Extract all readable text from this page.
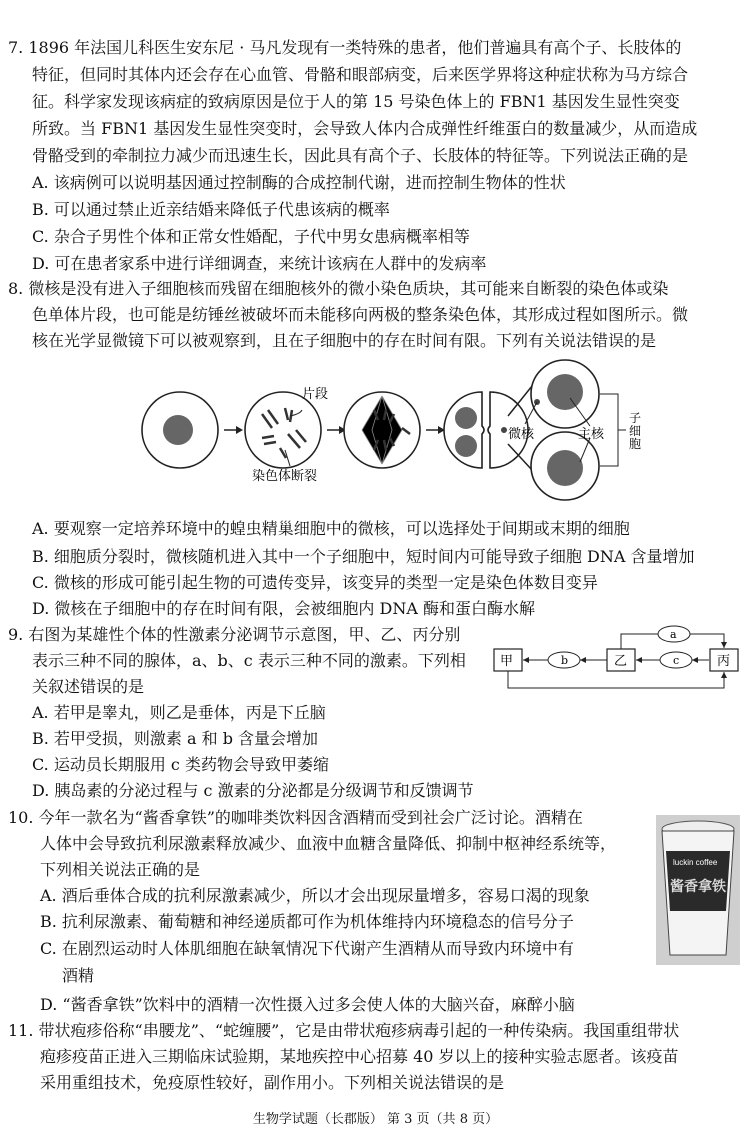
7. 1896 年法国儿科医生安东尼 · 马凡发现有一类特殊的患者，他们普遍具有高个子、长肢体的
特征，但同时其体内还会存在心血管、骨骼和眼部病变，后来医学界将这种症状称为马方综合
征。科学家发现该病症的致病原因是位于人的第 15 号染色体上的 FBN1 基因发生显性突变
所致。当 FBN1 基因发生显性突变时，会导致人体内合成弹性纤维蛋白的数量减少，从而造成
骨骼受到的牵制拉力减少而迅速生长，因此具有高个子、长肢体的特征等。下列说法正确的是
A. 该病例可以说明基因通过控制酶的合成控制代谢，进而控制生物体的性状
B. 可以通过禁止近亲结婚来降低子代患该病的概率
C. 杂合子男性个体和正常女性婚配，子代中男女患病概率相等
D. 可在患者家系中进行详细调查，来统计该病在人群中的发病率
8. 微核是没有进入子细胞核而残留在细胞核外的微小染色质块，其可能来自断裂的染色体或染
色单体片段，也可能是纺锤丝被破坏而未能移向两极的整条染色体，其形成过程如图所示。微
核在光学显微镜下可以被观察到，且在子细胞中的存在时间有限。下列有关说法错误的是
片段
染色体断裂
微核	主核
子
细
胞
A. 要观察一定培养环境中的蝗虫精巢细胞中的微核，可以选择处于间期或末期的细胞
B. 细胞质分裂时，微核随机进入其中一个子细胞中，短时间内可能导致子细胞 DNA 含量增加
C. 微核的形成可能引起生物的可遗传变异，该变异的类型一定是染色体数目变异
D. 微核在子细胞中的存在时间有限，会被细胞内 DNA 酶和蛋白酶水解
9. 右图为某雄性个体的性激素分泌调节示意图，甲、乙、丙分别
表示三种不同的腺体，a、b、c 表示三种不同的激素。下列相
关叙述错误的是
甲	乙	丙
a
b	c
A. 若甲是睾丸，则乙是垂体，丙是下丘脑
B. 若甲受损，则激素 a 和 b 含量会增加
C. 运动员长期服用 c 类药物会导致甲萎缩
D. 胰岛素的分泌过程与 c 激素的分泌都是分级调节和反馈调节
10. 今年一款名为“酱香拿铁”的咖啡类饮料因含酒精而受到社会广泛讨论。酒精在
人体中会导致抗利尿激素释放减少、血液中血糖含量降低、抑制中枢神经系统等，
下列相关说法正确的是
A. 酒后垂体合成的抗利尿激素减少，所以才会出现尿量增多，容易口渴的现象
B. 抗利尿激素、葡萄糖和神经递质都可作为机体维持内环境稳态的信号分子
C. 在剧烈运动时人体肌细胞在缺氧情况下代谢产生酒精从而导致内环境中有
酒精
D. “酱香拿铁”饮料中的酒精一次性摄入过多会使人体的大脑兴奋，麻醉小脑
luckin coffee
酱香拿铁
11. 带状疱疹俗称“串腰龙”、“蛇缠腰”，它是由带状疱疹病毒引起的一种传染病。我国重组带状
疱疹疫苗正进入三期临床试验期，某地疾控中心招募 40 岁以上的接种实验志愿者。该疫苗
采用重组技术，免疫原性较好，副作用小。下列相关说法错误的是
生物学试题（长郡版） 第 3 页（共 8 页）
